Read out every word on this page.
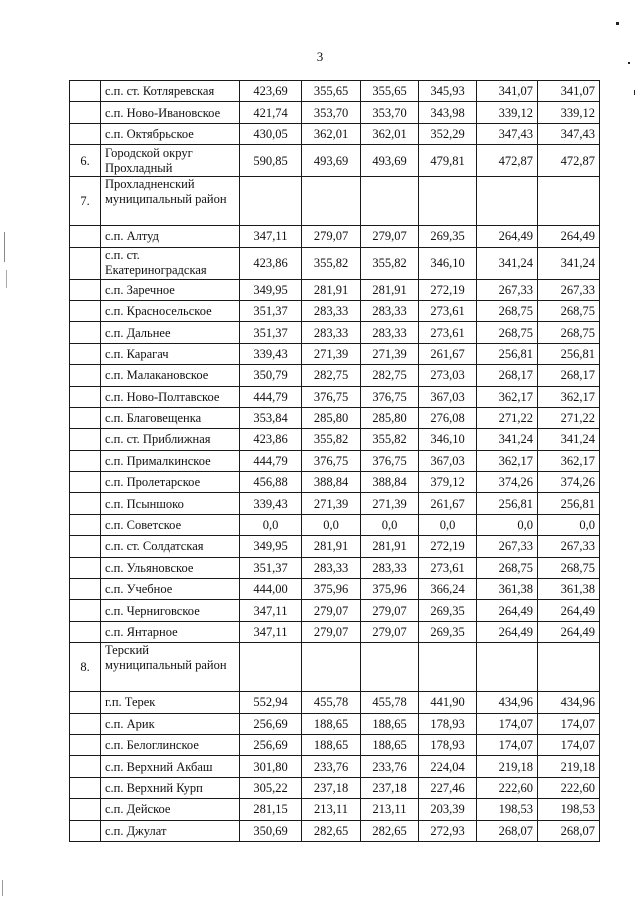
3
	с.п. ст. Котляревская	423,69	355,65	355,65	345,93	341,07	341,07
	с.п. Ново-Ивановское	421,74	353,70	353,70	343,98	339,12	339,12
	с.п. Октябрьское	430,05	362,01	362,01	352,29	347,43	347,43
6.	Городской округ Прохладный	590,85	493,69	493,69	479,81	472,87	472,87
7.	Прохладненский муниципальный район						
	с.п. Алтуд	347,11	279,07	279,07	269,35	264,49	264,49
	с.п. ст. Екатериноградская	423,86	355,82	355,82	346,10	341,24	341,24
	с.п. Заречное	349,95	281,91	281,91	272,19	267,33	267,33
	с.п. Красносельское	351,37	283,33	283,33	273,61	268,75	268,75
	с.п. Дальнее	351,37	283,33	283,33	273,61	268,75	268,75
	с.п. Карагач	339,43	271,39	271,39	261,67	256,81	256,81
	с.п. Малакановское	350,79	282,75	282,75	273,03	268,17	268,17
	с.п. Ново-Полтавское	444,79	376,75	376,75	367,03	362,17	362,17
	с.п. Благовещенка	353,84	285,80	285,80	276,08	271,22	271,22
	с.п. ст. Приближная	423,86	355,82	355,82	346,10	341,24	341,24
	с.п. Прималкинское	444,79	376,75	376,75	367,03	362,17	362,17
	с.п. Пролетарское	456,88	388,84	388,84	379,12	374,26	374,26
	с.п. Псыншоко	339,43	271,39	271,39	261,67	256,81	256,81
	с.п. Советское	0,0	0,0	0,0	0,0	0,0	0,0
	с.п. ст. Солдатская	349,95	281,91	281,91	272,19	267,33	267,33
	с.п. Ульяновское	351,37	283,33	283,33	273,61	268,75	268,75
	с.п. Учебное	444,00	375,96	375,96	366,24	361,38	361,38
	с.п. Черниговское	347,11	279,07	279,07	269,35	264,49	264,49
	с.п. Янтарное	347,11	279,07	279,07	269,35	264,49	264,49
8.	Терский муниципальный район						
	г.п. Терек	552,94	455,78	455,78	441,90	434,96	434,96
	с.п. Арик	256,69	188,65	188,65	178,93	174,07	174,07
	с.п. Белоглинское	256,69	188,65	188,65	178,93	174,07	174,07
	с.п. Верхний Акбаш	301,80	233,76	233,76	224,04	219,18	219,18
	с.п. Верхний Курп	305,22	237,18	237,18	227,46	222,60	222,60
	с.п. Дейское	281,15	213,11	213,11	203,39	198,53	198,53
	с.п. Джулат	350,69	282,65	282,65	272,93	268,07	268,07
